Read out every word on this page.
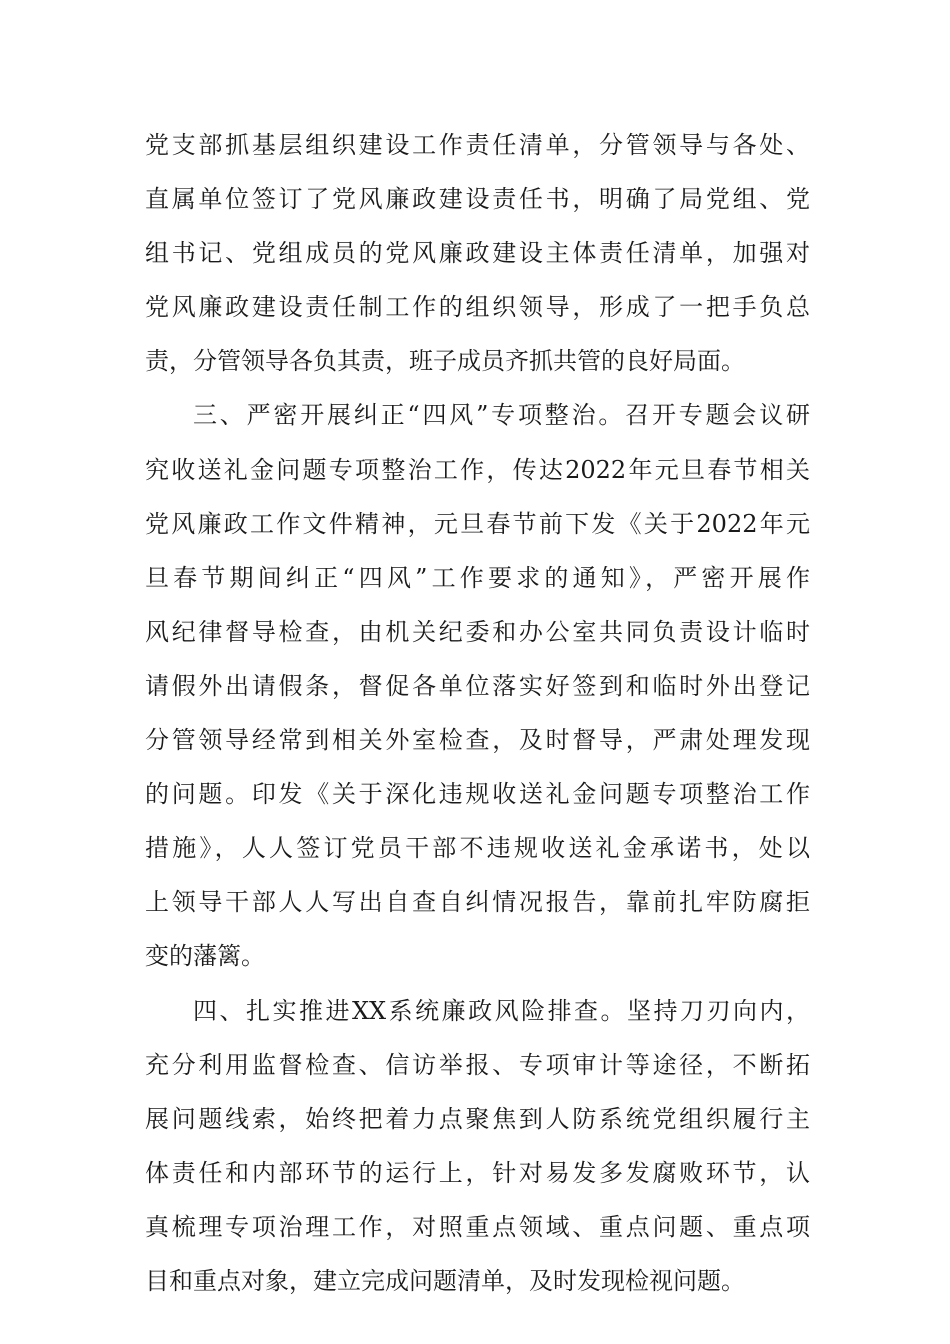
党支部抓基层组织建设工作责任清单，分管领导与各处、
直属单位签订了党风廉政建设责任书，明确了局党组、党
组书记、党组成员的党风廉政建设主体责任清单，加强对
党风廉政建设责任制工作的组织领导，形成了一把手负总
责，分管领导各负其责，班子成员齐抓共管的良好局面。
三、严密开展纠正“四风”专项整治。召开专题会议研
究收送礼金问题专项整治工作，传达2022年元旦春节相关
党风廉政工作文件精神，元旦春节前下发《关于2022年元
旦春节期间纠正“四风”工作要求的通知》，严密开展作
风纪律督导检查，由机关纪委和办公室共同负责设计临时
请假外出请假条，督促各单位落实好签到和临时外出登记
分管领导经常到相关外室检查，及时督导，严肃处理发现
的问题。印发《关于深化违规收送礼金问题专项整治工作
措施》，人人签订党员干部不违规收送礼金承诺书，处以
上领导干部人人写出自查自纠情况报告，靠前扎牢防腐拒
变的藩篱。
四、扎实推进XX系统廉政风险排查。坚持刀刃向内，
充分利用监督检查、信访举报、专项审计等途径，不断拓
展问题线索，始终把着力点聚焦到人防系统党组织履行主
体责任和内部环节的运行上，针对易发多发腐败环节，认
真梳理专项治理工作，对照重点领域、重点问题、重点项
目和重点对象，建立完成问题清单，及时发现检视问题。
